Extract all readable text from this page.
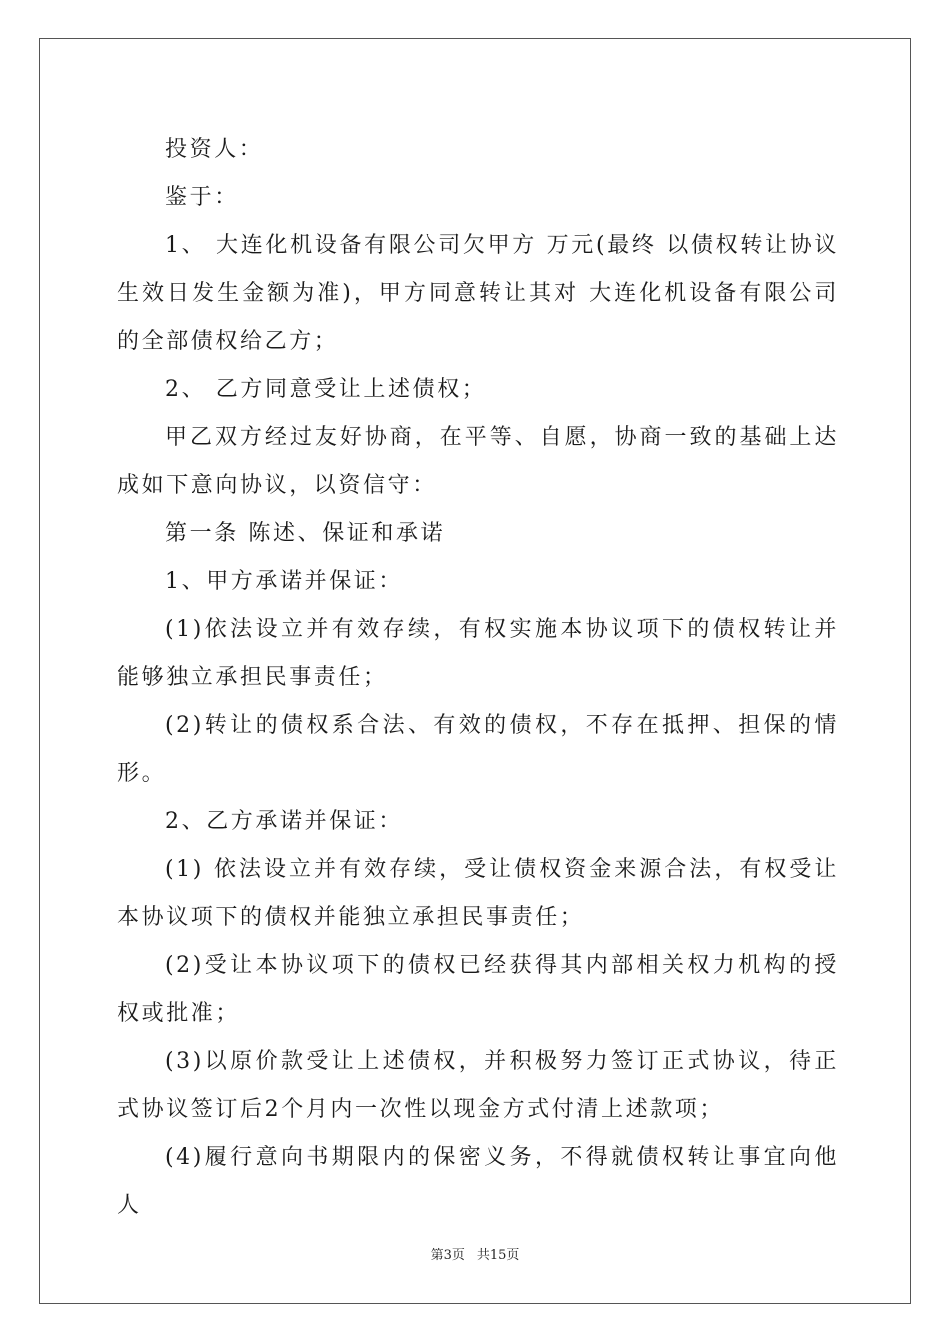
投资人：

鉴于：

1、 大连化机设备有限公司欠甲方 万元(最终 以债权转让协议生效日发生金额为准)，甲方同意转让其对 大连化机设备有限公司的全部债权给乙方；

2、 乙方同意受让上述债权；

甲乙双方经过友好协商，在平等、自愿，协商一致的基础上达成如下意向协议，以资信守：

第一条 陈述、保证和承诺

1、甲方承诺并保证：

(1)依法设立并有效存续，有权实施本协议项下的债权转让并能够独立承担民事责任；

(2)转让的债权系合法、有效的债权，不存在抵押、担保的情形。

2、乙方承诺并保证：

(1) 依法设立并有效存续，受让债权资金来源合法，有权受让本协议项下的债权并能独立承担民事责任；

(2)受让本协议项下的债权已经获得其内部相关权力机构的授权或批准；

(3)以原价款受让上述债权，并积极努力签订正式协议，待正式协议签订后2个月内一次性以现金方式付清上述款项；

(4)履行意向书期限内的保密义务，不得就债权转让事宜向他人

第3页 共15页
